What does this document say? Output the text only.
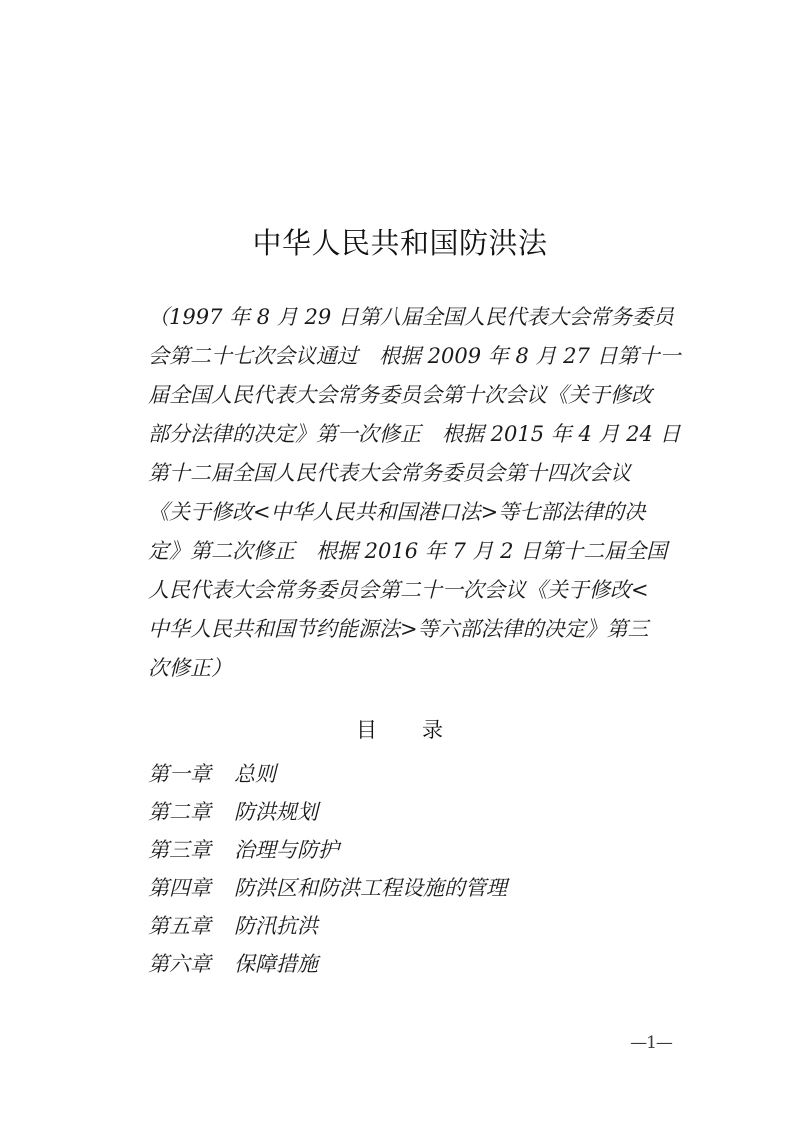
中华人民共和国防洪法
（1997 年 8 月 29 日第八届全国人民代表大会常务委员
会第二十七次会议通过　根据 2009 年 8 月 27 日第十一
届全国人民代表大会常务委员会第十次会议《关于修改
部分法律的决定》第一次修正　根据 2015 年 4 月 24 日
第十二届全国人民代表大会常务委员会第十四次会议
《关于修改<中华人民共和国港口法>等七部法律的决
定》第二次修正　根据 2016 年 7 月 2 日第十二届全国
人民代表大会常务委员会第二十一次会议《关于修改<
中华人民共和国节约能源法>等六部法律的决定》第三
次修正）
目　　录
第一章 总则
第二章 防洪规划
第三章 治理与防护
第四章 防洪区和防洪工程设施的管理
第五章 防汛抗洪
第六章 保障措施
—1—
